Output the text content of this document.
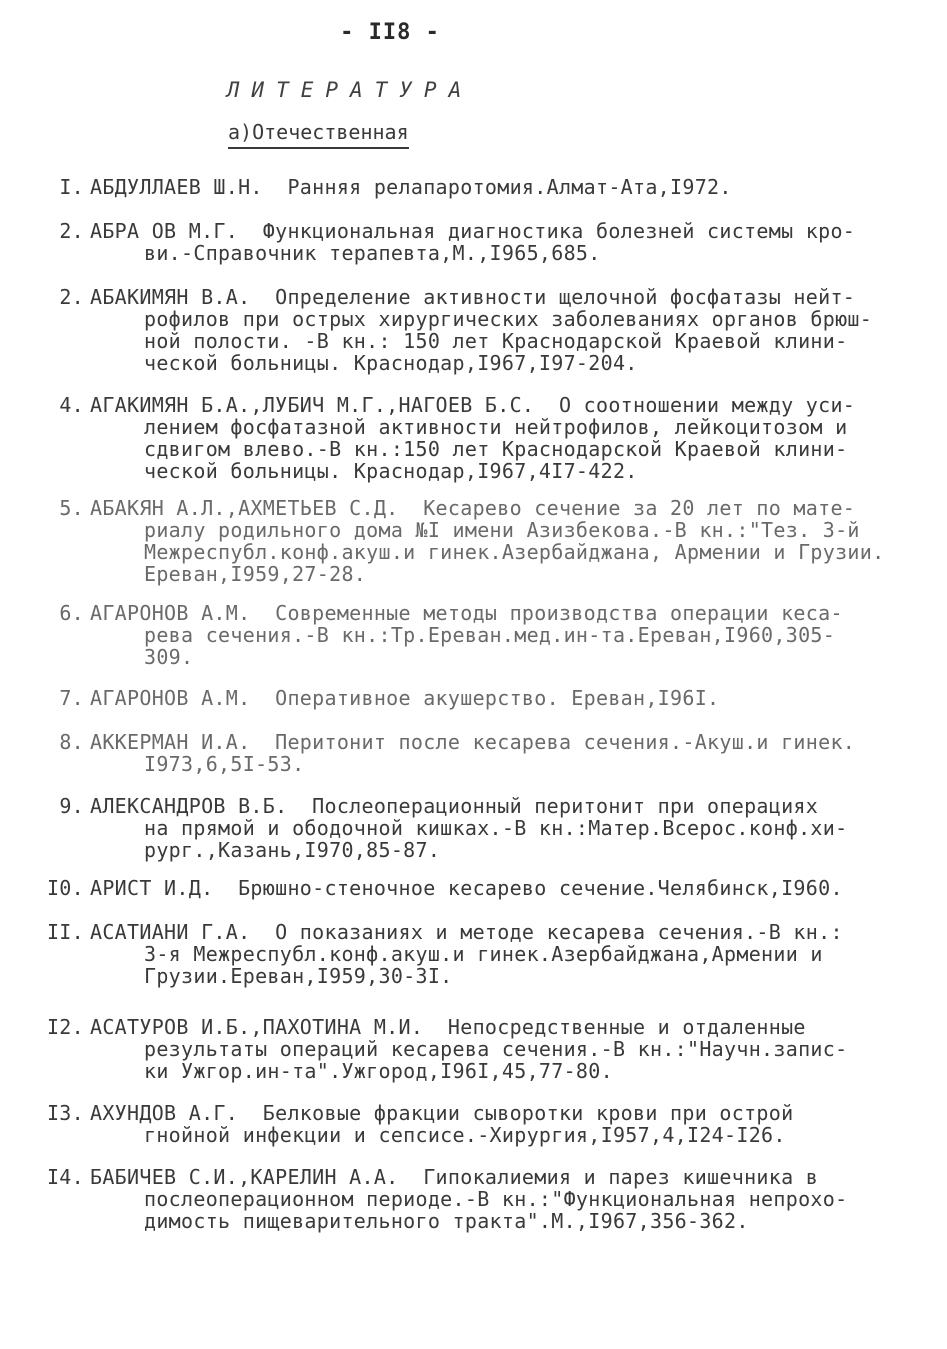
- II8 -
ЛИТЕРАТУРА
а)Отечественная
I. АБДУЛЛАЕВ Ш.Н.  Ранняя релапаротомия.Алмат-Ата,I972.
2. АБРА ОВ М.Г.  Функциональная диагностика болезней системы кро-
ви.-Справочник терапевта,М.,I965,685.
2. АБАКИМЯН В.А.  Определение активности щелочной фосфатазы нейт-
рофилов при острых хирургических заболеваниях органов брюш-
ной полости. -В кн.: 150 лет Краснодарской Краевой клини-
ческой больницы. Краснодар,I967,I97-204.
4. АГАКИМЯН Б.А.,ЛУБИЧ М.Г.,НАГОЕВ Б.С.  О соотношении между уси-
лением фосфатазной активности нейтрофилов, лейкоцитозом и
сдвигом влево.-В кн.:150 лет Краснодарской Краевой клини-
ческой больницы. Краснодар,I967,4I7-422.
5. АБАКЯН А.Л.,АХМЕТЬЕВ С.Д.  Кесарево сечение за 20 лет по мате-
риалу родильного дома №I имени Азизбекова.-В кн.:"Тез. 3-й
Межреспубл.конф.акуш.и гинек.Азербайджана, Армении и Грузии.
Ереван,I959,27-28.
6. АГАРОНОВ А.М.  Современные методы производства операции кеса-
рева сечения.-В кн.:Тр.Ереван.мед.ин-та.Ереван,I960,305-
309.
7. АГАРОНОВ А.М.  Оперативное акушерство. Ереван,I96I.
8. АККЕРМАН И.А.  Перитонит после кесарева сечения.-Акуш.и гинек.
I973,6,5I-53.
9. АЛЕКСАНДРОВ В.Б.  Послеоперационный перитонит при операциях
на прямой и ободочной кишках.-В кн.:Матер.Всерос.конф.хи-
рург.,Казань,I970,85-87.
I0. АРИСТ И.Д.  Брюшно-стеночное кесарево сечение.Челябинск,I960.
II. АСАТИАНИ Г.А.  О показаниях и методе кесарева сечения.-В кн.:
3-я Межреспубл.конф.акуш.и гинек.Азербайджана,Армении и
Грузии.Ереван,I959,30-3I.
I2. АСАТУРОВ И.Б.,ПАХОТИНА М.И.  Непосредственные и отдаленные
результаты операций кесарева сечения.-В кн.:"Научн.запис-
ки Ужгор.ин-та".Ужгород,I96I,45,77-80.
I3. АХУНДОВ А.Г.  Белковые фракции сыворотки крови при острой
гнойной инфекции и сепсисе.-Хирургия,I957,4,I24-I26.
I4. БАБИЧЕВ С.И.,КАРЕЛИН А.А.  Гипокалиемия и парез кишечника в
послеоперационном периоде.-В кн.:"Функциональная непрохо-
димость пищеварительного тракта".М.,I967,356-362.
